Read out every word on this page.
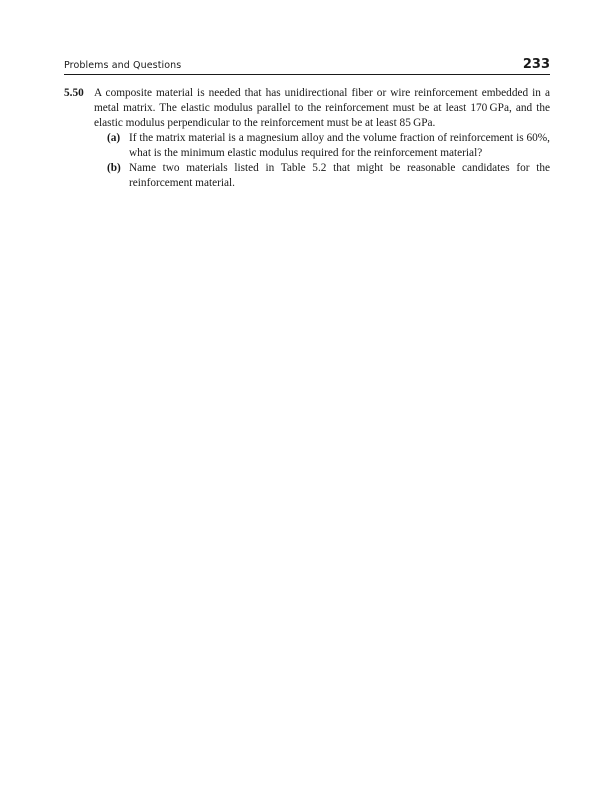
Problems and Questions	233
5.50 A composite material is needed that has unidirectional fiber or wire reinforcement embedded in a metal matrix. The elastic modulus parallel to the reinforcement must be at least 170 GPa, and the elastic modulus perpendicular to the reinforcement must be at least 85 GPa.
(a) If the matrix material is a magnesium alloy and the volume fraction of reinforcement is 60%, what is the minimum elastic modulus required for the reinforcement material?
(b) Name two materials listed in Table 5.2 that might be reasonable candidates for the reinforcement material.
